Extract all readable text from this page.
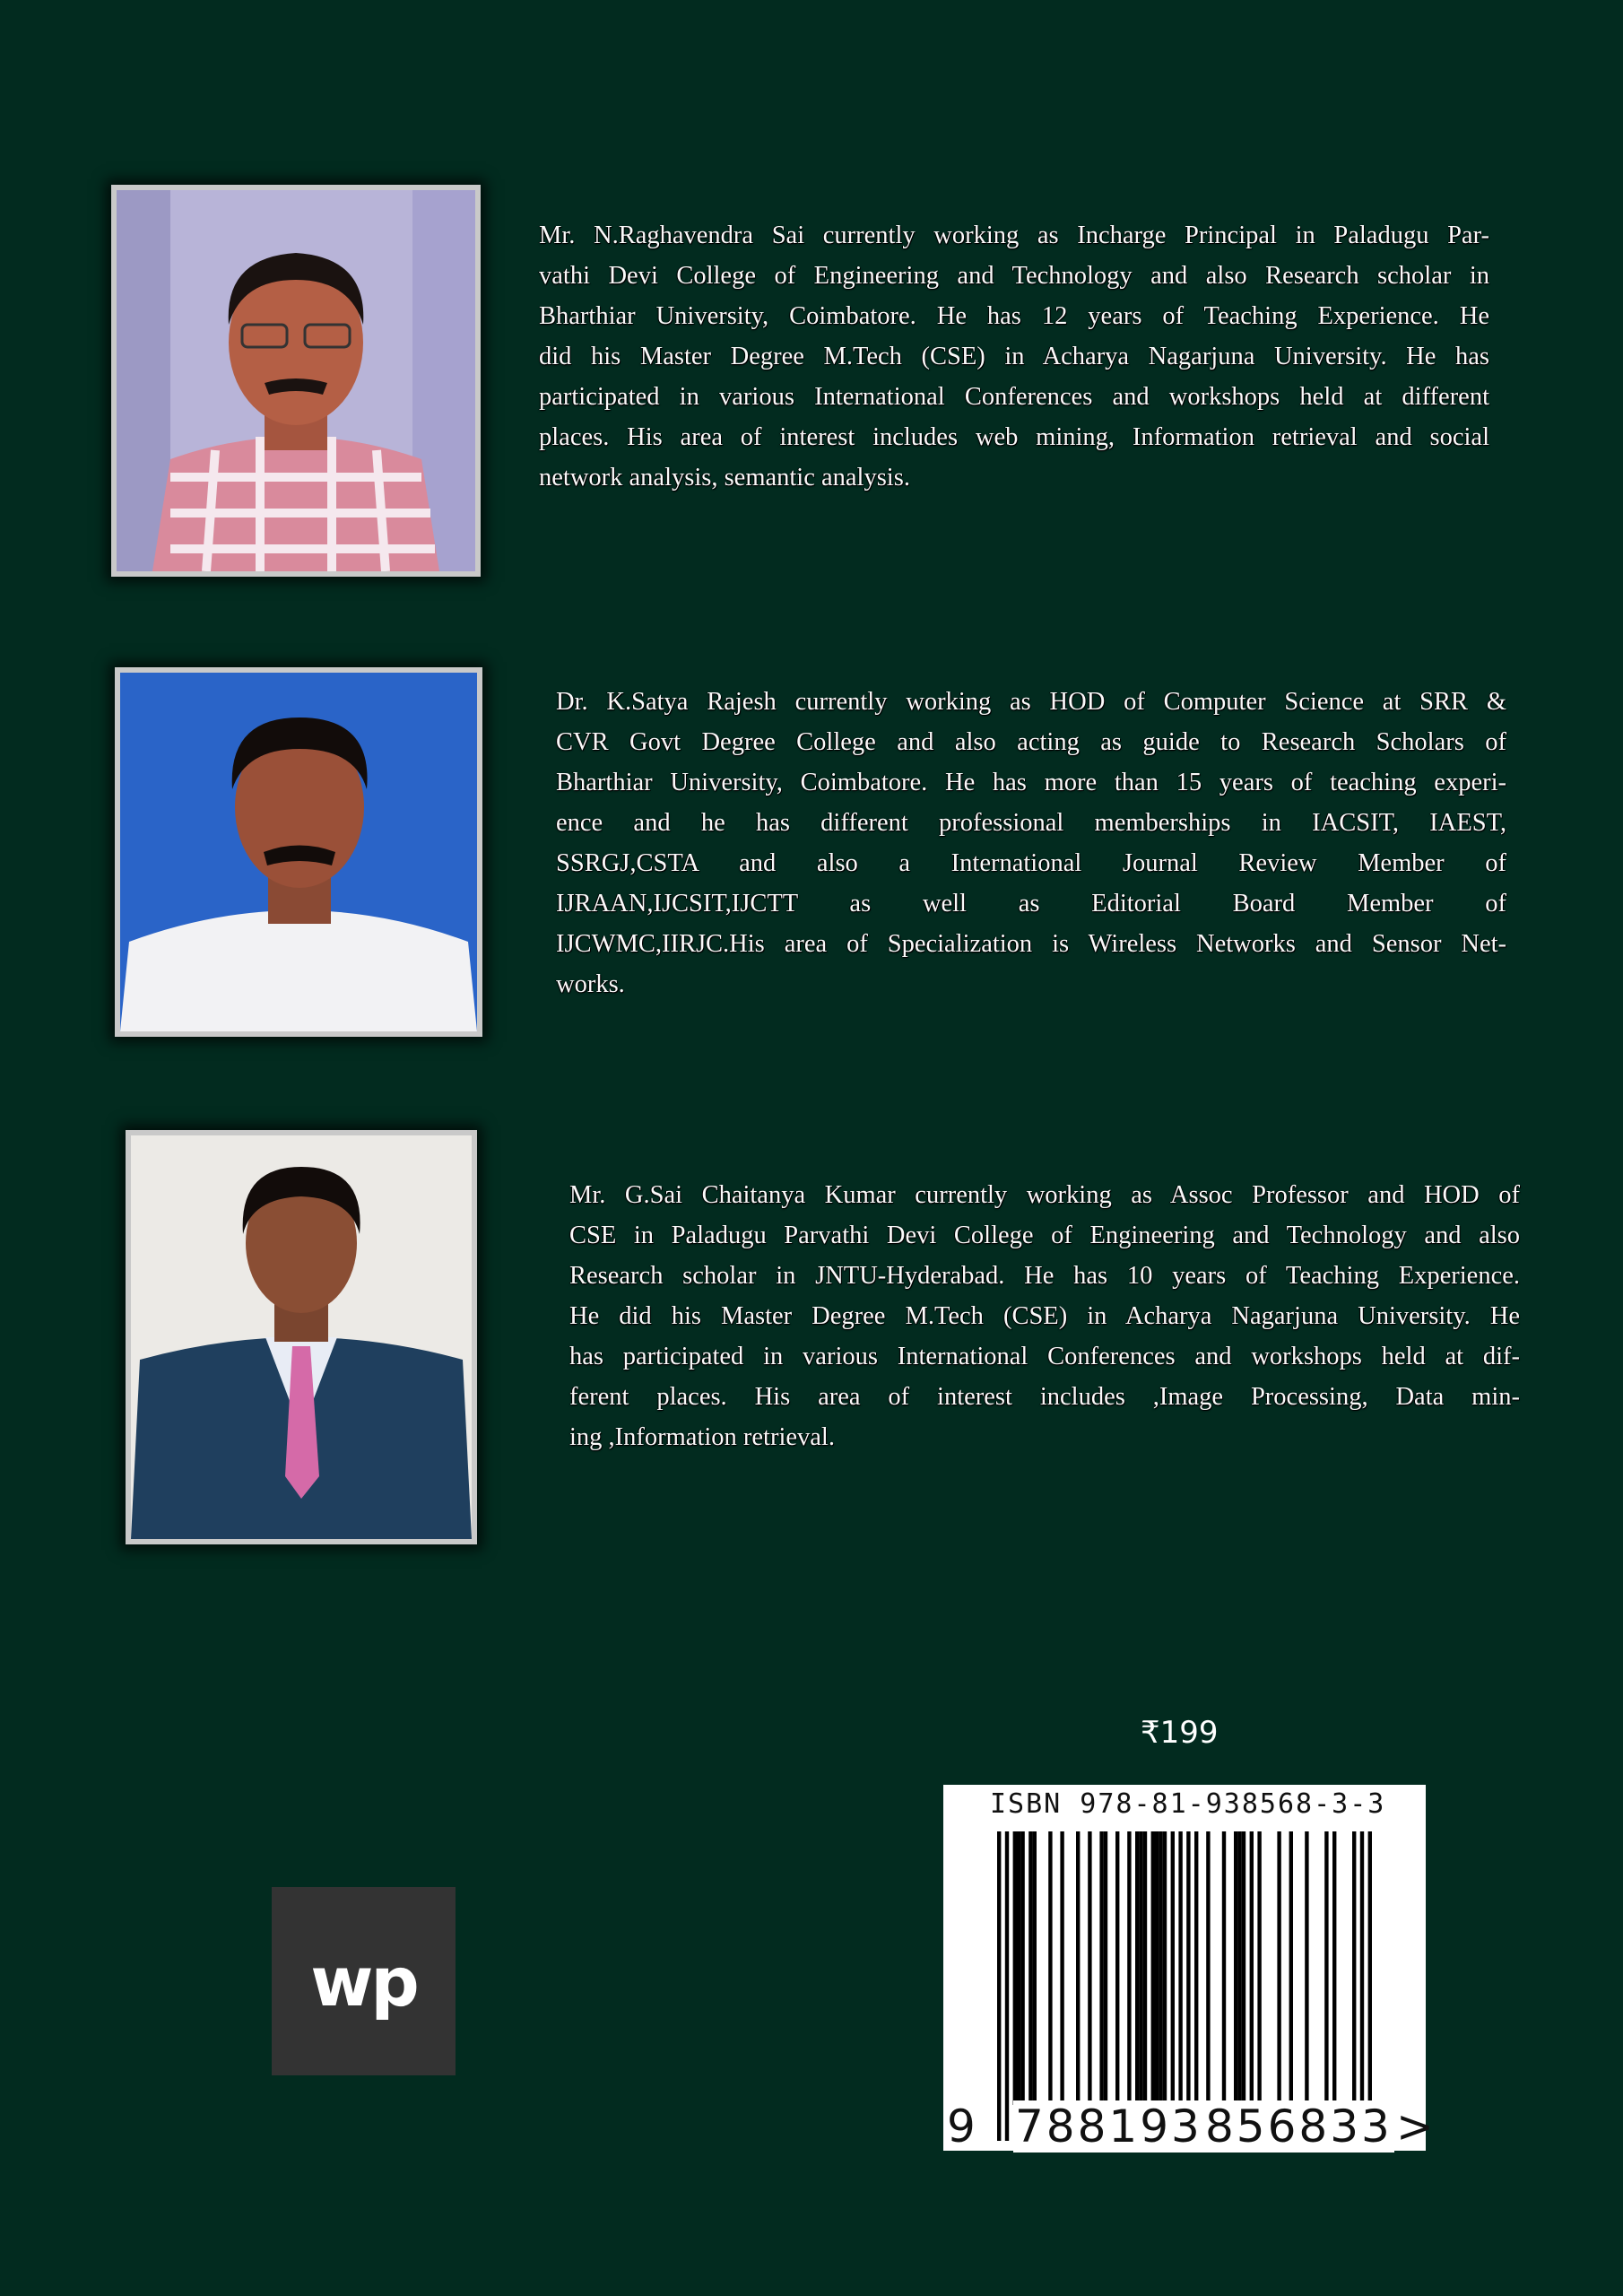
Mr. N.Raghavendra Sai currently working as Incharge Principal in Paladugu Par-
vathi Devi College of Engineering and Technology and also Research scholar in
Bharthiar University, Coimbatore. He has 12 years of Teaching Experience. He
did his Master Degree M.Tech (CSE) in Acharya Nagarjuna University. He has
participated in various International Conferences and workshops held at different
places. His area of interest includes web mining, Information retrieval and social
network analysis, semantic analysis.
Dr. K.Satya Rajesh currently working as HOD of Computer Science at SRR &
CVR Govt Degree College and also acting as guide to Research Scholars of
Bharthiar University, Coimbatore. He has more than 15 years of teaching experi-
ence and he has different professional memberships in IACSIT, IAEST,
SSRGJ,CSTA and also a International Journal Review Member of
IJRAAN,IJCSIT,IJCTT as well as Editorial Board Member of
IJCWMC,IIRJC.His area of Specialization is Wireless Networks and Sensor Net-
works.
Mr. G.Sai Chaitanya Kumar currently working as Assoc Professor and HOD of
CSE in Paladugu Parvathi Devi College of Engineering and Technology and also
Research scholar in JNTU-Hyderabad. He has 10 years of Teaching Experience.
He did his Master Degree M.Tech (CSE) in Acharya Nagarjuna University. He
has participated in various International Conferences and workshops held at dif-
ferent places. His area of interest includes ,Image Processing, Data min-
ing ,Information retrieval.
₹199
ISBN 978-81-938568-3-3
9 788193 856833 >
wp
